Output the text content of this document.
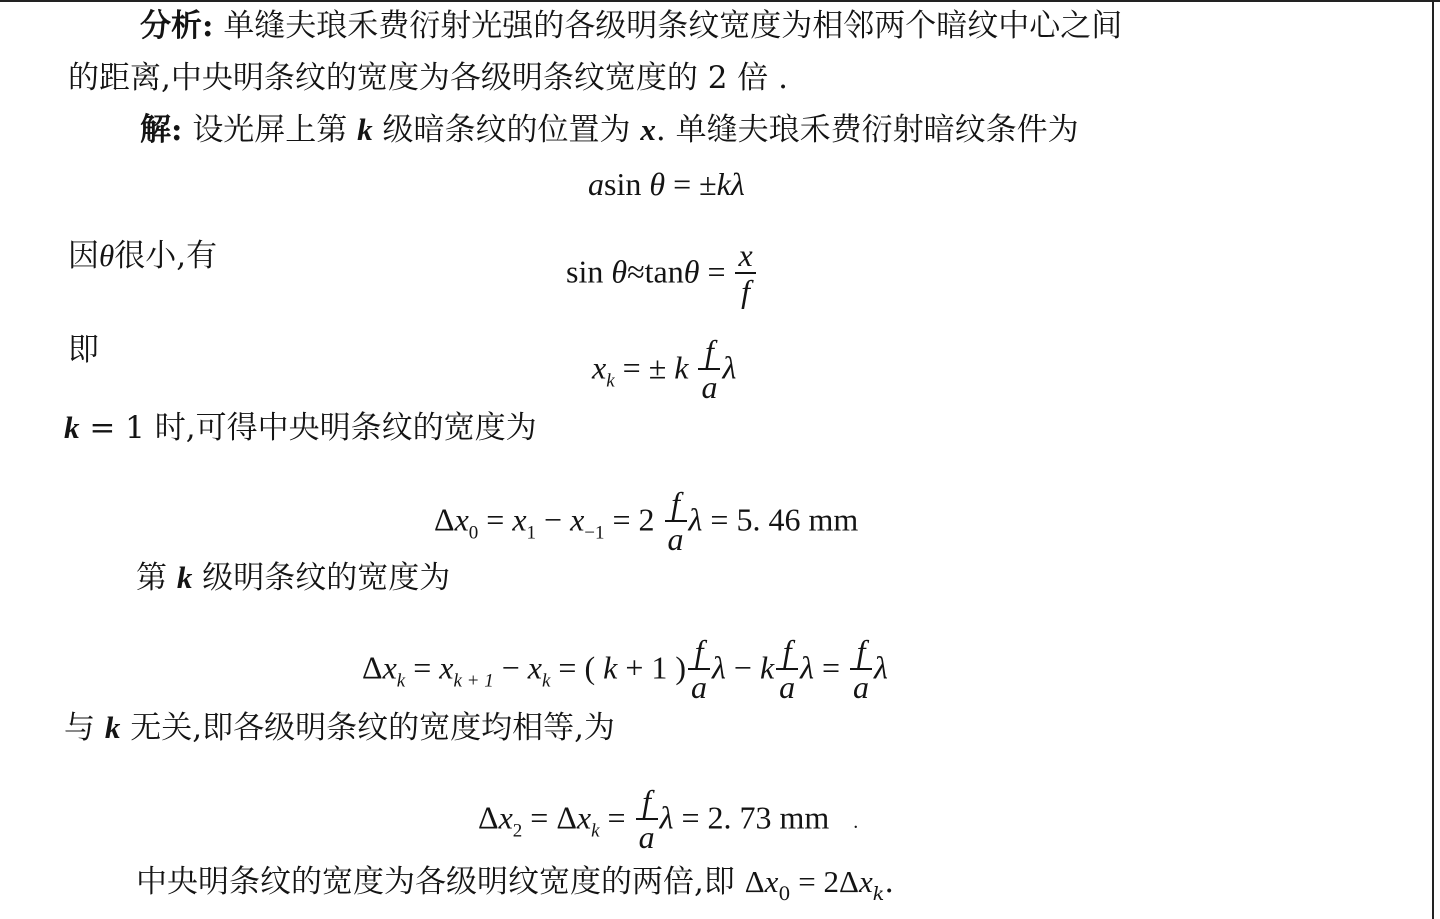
分析: 单缝夫琅禾费衍射光强的各级明条纹宽度为相邻两个暗纹中心之间
的距离,中央明条纹的宽度为各级明条纹宽度的 2 倍 .
解: 设光屏上第 k 级暗条纹的位置为 x. 单缝夫琅禾费衍射暗纹条件为
asin θ = ±kλ
因θ很小,有	$\sin \theta\approx\tan\theta = \frac{x}{f}$
即	$x_k$ = ± k $\frac{f}{a}$ λ
k = 1 时,可得中央明条纹的宽度为
$\Delta x_0 = x_1 - x_{-1} = 2 \frac{f}{a}$ λ = 5. 46 mm
第 k 级明条纹的宽度为
$\Delta x_k = x_{k + 1} - x_k$ = ( k + 1 ) $\frac{f}{a}$ λ − k $\frac{f}{a}$ $\lambda = \frac{f}{a}$ λ
与 k 无关,即各级明条纹的宽度均相等,为
$\Delta x_2 = \Delta x_k = \frac{f}{a}$ λ = 2. 73 mm .
中央明条纹的宽度为各级明纹宽度的两倍,即 $\Delta x_0 = 2\Delta x_k$.
